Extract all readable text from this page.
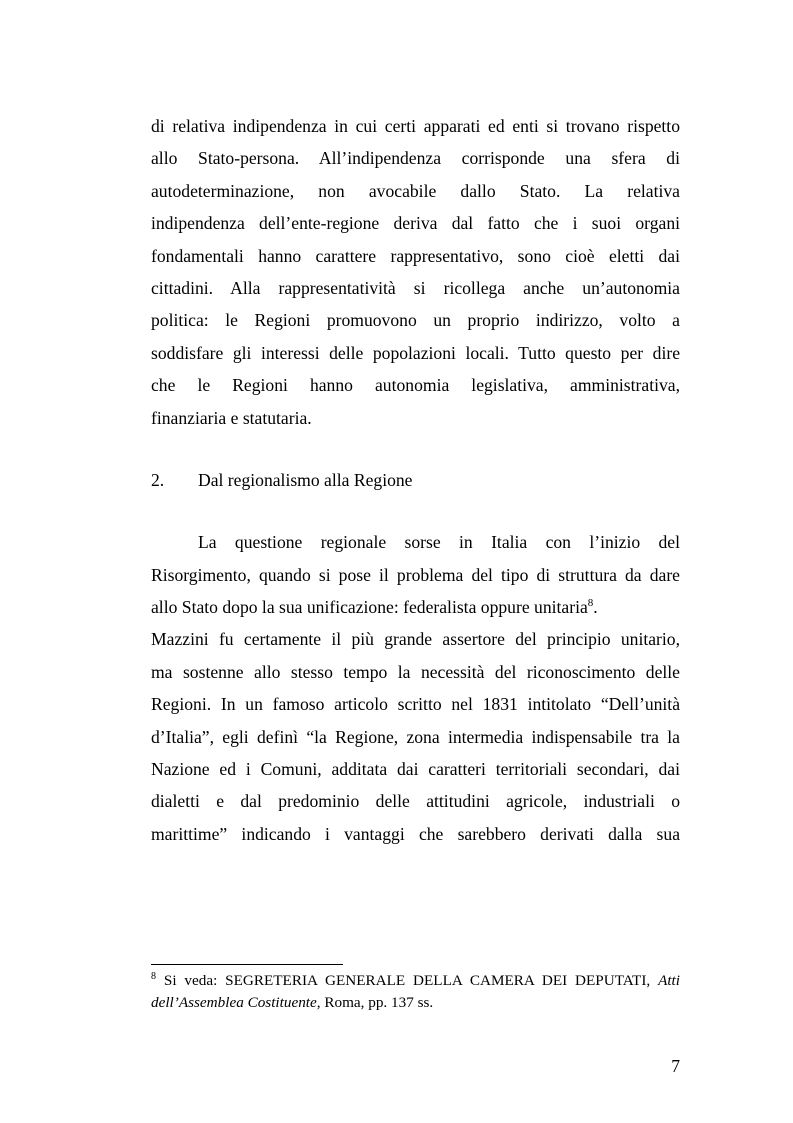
di relativa indipendenza in cui certi apparati ed enti si trovano rispetto
allo Stato-persona. All’indipendenza corrisponde una sfera di
autodeterminazione, non avocabile dallo Stato. La relativa
indipendenza dell’ente-regione deriva dal fatto che i suoi organi
fondamentali hanno carattere rappresentativo, sono cioè eletti dai
cittadini. Alla rappresentatività si ricollega anche un’autonomia
politica: le Regioni promuovono un proprio indirizzo, volto a
soddisfare gli interessi delle popolazioni locali. Tutto questo per dire
che le Regioni hanno autonomia legislativa, amministrativa,
finanziaria e statutaria.
2.	Dal regionalismo alla Regione
La questione regionale sorse in Italia con l’inizio del
Risorgimento, quando si pose il problema del tipo di struttura da dare
allo Stato dopo la sua unificazione: federalista oppure unitaria$^8$.
Mazzini fu certamente il più grande assertore del principio unitario,
ma sostenne allo stesso tempo la necessità del riconoscimento delle
Regioni. In un famoso articolo scritto nel 1831 intitolato “Dell’unità
d’Italia”, egli definì “la Regione, zona intermedia indispensabile tra la
Nazione ed i Comuni, additata dai caratteri territoriali secondari, dai
dialetti e dal predominio delle attitudini agricole, industriali o
marittime” indicando i vantaggi che sarebbero derivati dalla sua
$^8$ Si veda: SEGRETERIA GENERALE DELLA CAMERA DEI DEPUTATI, Atti
dell’Assemblea Costituente, Roma, pp. 137 ss.
7
